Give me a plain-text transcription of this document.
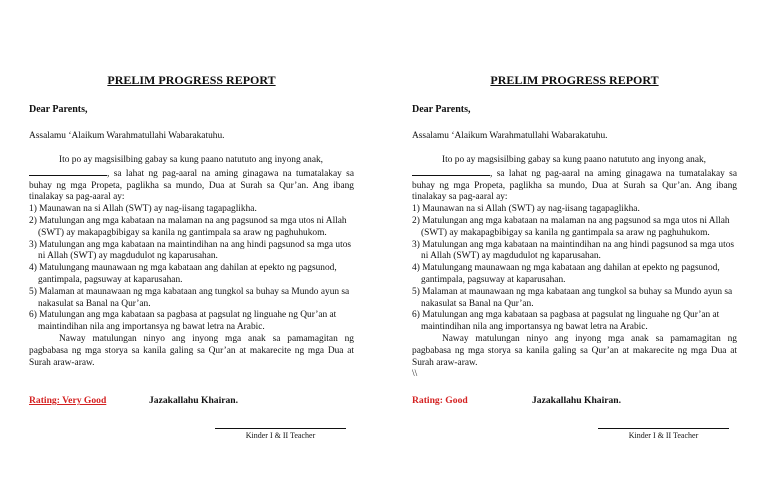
PRELIM PROGRESS REPORT
Dear Parents,
Assalamu ‘Alaikum Warahmatullahi Wabarakatuhu.

Ito po ay magsisilbing gabay sa kung paano natututo ang inyong anak,
, sa lahat ng pag-aaral na aming ginagawa na tumatalakay sa buhay ng mga Propeta, paglikha sa mundo, Dua at Surah sa Qur’an. Ang ibang tinalakay sa pag-aaral ay:

1) Maunawan na si Allah (SWT) ay nag-iisang tagapaglikha.
2) Matulungan ang mga kabataan na malaman na ang pagsunod sa mga utos ni Allah (SWT) ay makapagbibigay sa kanila ng gantimpala sa araw ng paghuhukom.
3) Matulungan ang mga kabataan na maintindihan na ang hindi pagsunod sa mga utos ni Allah (SWT) ay magdudulot ng kaparusahan.
4) Matulungang maunawaan ng mga kabataan ang dahilan at epekto ng pagsunod, gantimpala, pagsuway at kaparusahan.
5) Malaman at maunawaan ng mga kabataan ang tungkol sa buhay sa Mundo ayun sa nakasulat sa Banal na Qur’an.
6) Matulungan ang mga kabataan sa pagbasa at pagsulat ng linguahe ng Qur’an at maintindihan nila ang importansya ng bawat letra na Arabic.

Naway matulungan ninyo ang inyong mga anak sa pamamagitan ng pagbabasa ng mga storya sa kanila galing sa Qur’an at makarecite ng mga Dua at Surah araw-araw.

Rating: Very Good	Jazakallahu Khairan.
Kinder I & II Teacher
PRELIM PROGRESS REPORT
Dear Parents,
Assalamu ‘Alaikum Warahmatullahi Wabarakatuhu.

Ito po ay magsisilbing gabay sa kung paano natututo ang inyong anak,
, sa lahat ng pag-aaral na aming ginagawa na tumatalakay sa buhay ng mga Propeta, paglikha sa mundo, Dua at Surah sa Qur’an. Ang ibang tinalakay sa pag-aaral ay:

1) Maunawan na si Allah (SWT) ay nag-iisang tagapaglikha.
2) Matulungan ang mga kabataan na malaman na ang pagsunod sa mga utos ni Allah (SWT) ay makapagbibigay sa kanila ng gantimpala sa araw ng paghuhukom.
3) Matulungan ang mga kabataan na maintindihan na ang hindi pagsunod sa mga utos ni Allah (SWT) ay magdudulot ng kaparusahan.
4) Matulungang maunawaan ng mga kabataan ang dahilan at epekto ng pagsunod, gantimpala, pagsuway at kaparusahan.
5) Malaman at maunawaan ng mga kabataan ang tungkol sa buhay sa Mundo ayun sa nakasulat sa Banal na Qur’an.
6) Matulungan ang mga kabataan sa pagbasa at pagsulat ng linguahe ng Qur’an at maintindihan nila ang importansya ng bawat letra na Arabic.

Naway matulungan ninyo ang inyong mga anak sa pamamagitan ng pagbabasa ng mga storya sa kanila galing sa Qur’an at makarecite ng mga Dua at Surah araw-araw.

\\
Rating: Good	Jazakallahu Khairan.
Kinder I & II Teacher
